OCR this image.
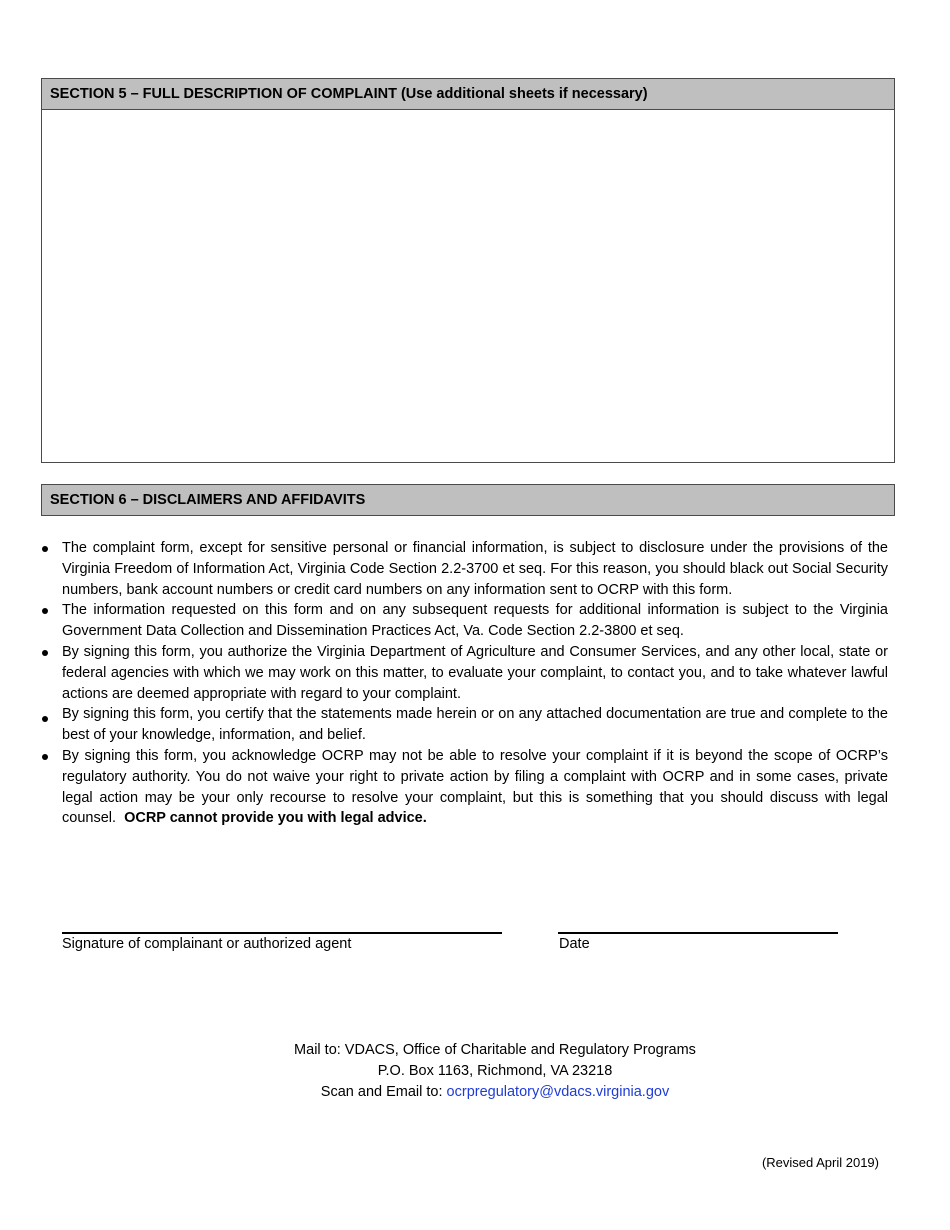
SECTION 5 – FULL DESCRIPTION OF COMPLAINT (Use additional sheets if necessary)
SECTION 6 – DISCLAIMERS AND AFFIDAVITS
The complaint form, except for sensitive personal or financial information, is subject to disclosure under the provisions of the Virginia Freedom of Information Act, Virginia Code Section 2.2-3700 et seq. For this reason, you should black out Social Security numbers, bank account numbers or credit card numbers on any information sent to OCRP with this form.
The information requested on this form and on any subsequent requests for additional information is subject to the Virginia Government Data Collection and Dissemination Practices Act, Va. Code Section 2.2-3800 et seq.
By signing this form, you authorize the Virginia Department of Agriculture and Consumer Services, and any other local, state or federal agencies with which we may work on this matter, to evaluate your complaint, to contact you, and to take whatever lawful actions are deemed appropriate with regard to your complaint.
By signing this form, you certify that the statements made herein or on any attached documentation are true and complete to the best of your knowledge, information, and belief.
By signing this form, you acknowledge OCRP may not be able to resolve your complaint if it is beyond the scope of OCRP’s regulatory authority. You do not waive your right to private action by filing a complaint with OCRP and in some cases, private legal action may be your only recourse to resolve your complaint, but this is something that you should discuss with legal counsel. OCRP cannot provide you with legal advice.
Signature of complainant or authorized agent	Date
Mail to: VDACS, Office of Charitable and Regulatory Programs
P.O. Box 1163, Richmond, VA 23218
Scan and Email to: ocrpregulatory@vdacs.virginia.gov
(Revised April 2019)
